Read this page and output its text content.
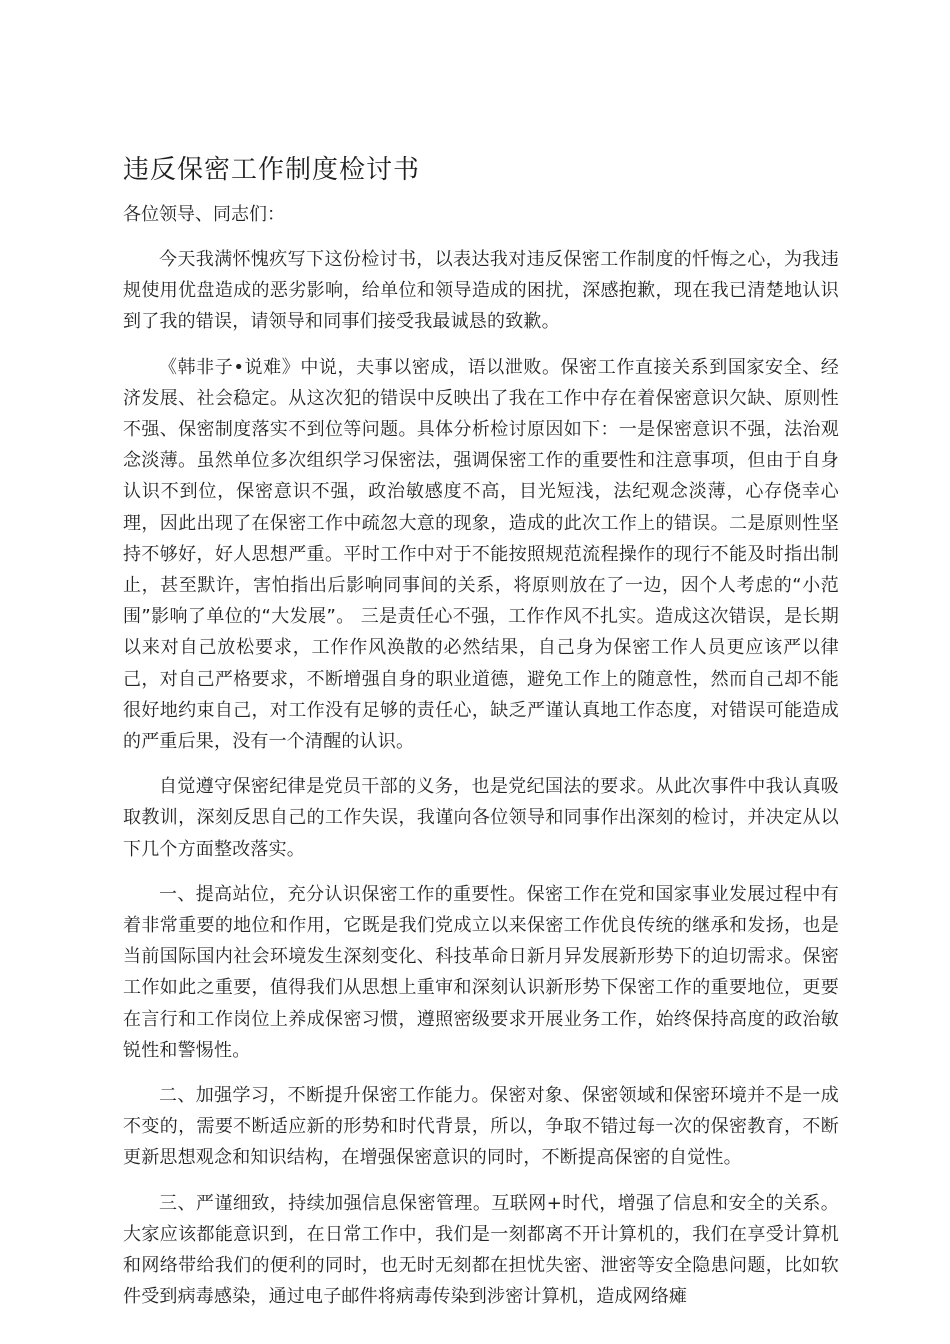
违反保密工作制度检讨书

各位领导、同志们：

今天我满怀愧疚写下这份检讨书，以表达我对违反保密工作制度的忏悔之心，为我违规使用优盘造成的恶劣影响，给单位和领导造成的困扰，深感抱歉，现在我已清楚地认识到了我的错误，请领导和同事们接受我最诚恳的致歉。

《韩非子•说难》中说，夫事以密成，语以泄败。保密工作直接关系到国家安全、经济发展、社会稳定。从这次犯的错误中反映出了我在工作中存在着保密意识欠缺、原则性不强、保密制度落实不到位等问题。具体分析检讨原因如下：一是保密意识不强，法治观念淡薄。虽然单位多次组织学习保密法，强调保密工作的重要性和注意事项，但由于自身认识不到位，保密意识不强，政治敏感度不高，目光短浅，法纪观念淡薄，心存侥幸心理，因此出现了在保密工作中疏忽大意的现象，造成的此次工作上的错误。二是原则性坚持不够好，好人思想严重。平时工作中对于不能按照规范流程操作的现行不能及时指出制止，甚至默许，害怕指出后影响同事间的关系，将原则放在了一边，因个人考虑的“小范围”影响了单位的“大发展”。 三是责任心不强，工作作风不扎实。造成这次错误，是长期以来对自己放松要求，工作作风涣散的必然结果，自己身为保密工作人员更应该严以律己，对自己严格要求，不断增强自身的职业道德，避免工作上的随意性，然而自己却不能很好地约束自己，对工作没有足够的责任心，缺乏严谨认真地工作态度，对错误可能造成的严重后果，没有一个清醒的认识。

自觉遵守保密纪律是党员干部的义务，也是党纪国法的要求。从此次事件中我认真吸取教训，深刻反思自己的工作失误，我谨向各位领导和同事作出深刻的检讨，并决定从以下几个方面整改落实。

一、提高站位，充分认识保密工作的重要性。保密工作在党和国家事业发展过程中有着非常重要的地位和作用，它既是我们党成立以来保密工作优良传统的继承和发扬，也是当前国际国内社会环境发生深刻变化、科技革命日新月异发展新形势下的迫切需求。保密工作如此之重要，值得我们从思想上重审和深刻认识新形势下保密工作的重要地位，更要在言行和工作岗位上养成保密习惯，遵照密级要求开展业务工作，始终保持高度的政治敏锐性和警惕性。

二、加强学习，不断提升保密工作能力。保密对象、保密领域和保密环境并不是一成不变的，需要不断适应新的形势和时代背景，所以，争取不错过每一次的保密教育，不断更新思想观念和知识结构，在增强保密意识的同时，不断提高保密的自觉性。

三、严谨细致，持续加强信息保密管理。互联网+时代，增强了信息和安全的关系。大家应该都能意识到，在日常工作中，我们是一刻都离不开计算机的，我们在享受计算机和网络带给我们的便利的同时，也无时无刻都在担忧失密、泄密等安全隐患问题，比如软件受到病毒感染，通过电子邮件将病毒传染到涉密计算机，造成网络瘫
